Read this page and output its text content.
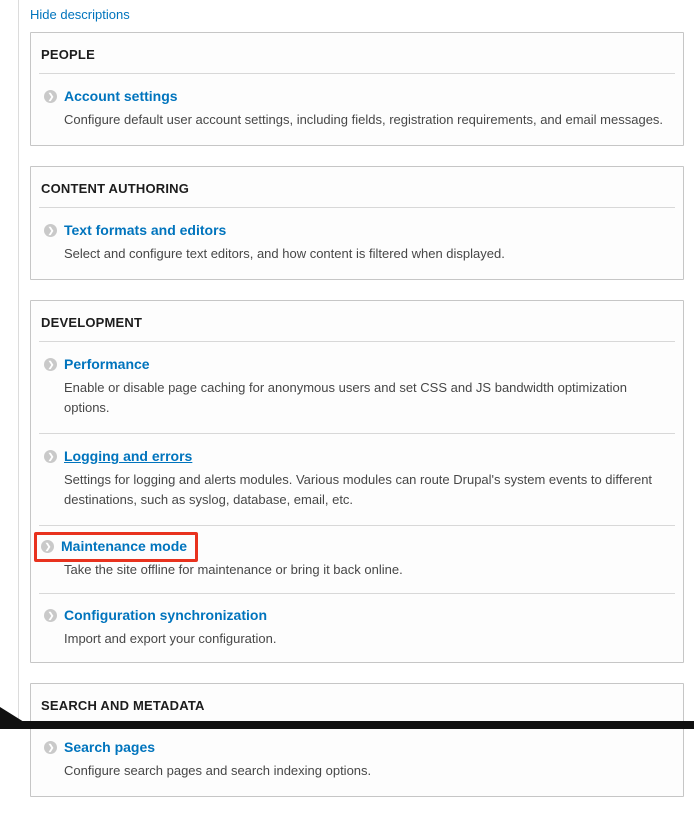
Hide descriptions
PEOPLE
❯ Account settings

Configure default user account settings, including fields, registration requirements, and email messages.

CONTENT AUTHORING
❯ Text formats and editors

Select and configure text editors, and how content is filtered when displayed.

DEVELOPMENT
❯ Performance

Enable or disable page caching for anonymous users and set CSS and JS bandwidth optimization options.

❯ Logging and errors

Settings for logging and alerts modules. Various modules can route Drupal's system events to different destinations, such as syslog, database, email, etc.

❯ Maintenance mode

Take the site offline for maintenance or bring it back online.

❯ Configuration synchronization

Import and export your configuration.

SEARCH AND METADATA
❯ Search pages

Configure search pages and search indexing options.
